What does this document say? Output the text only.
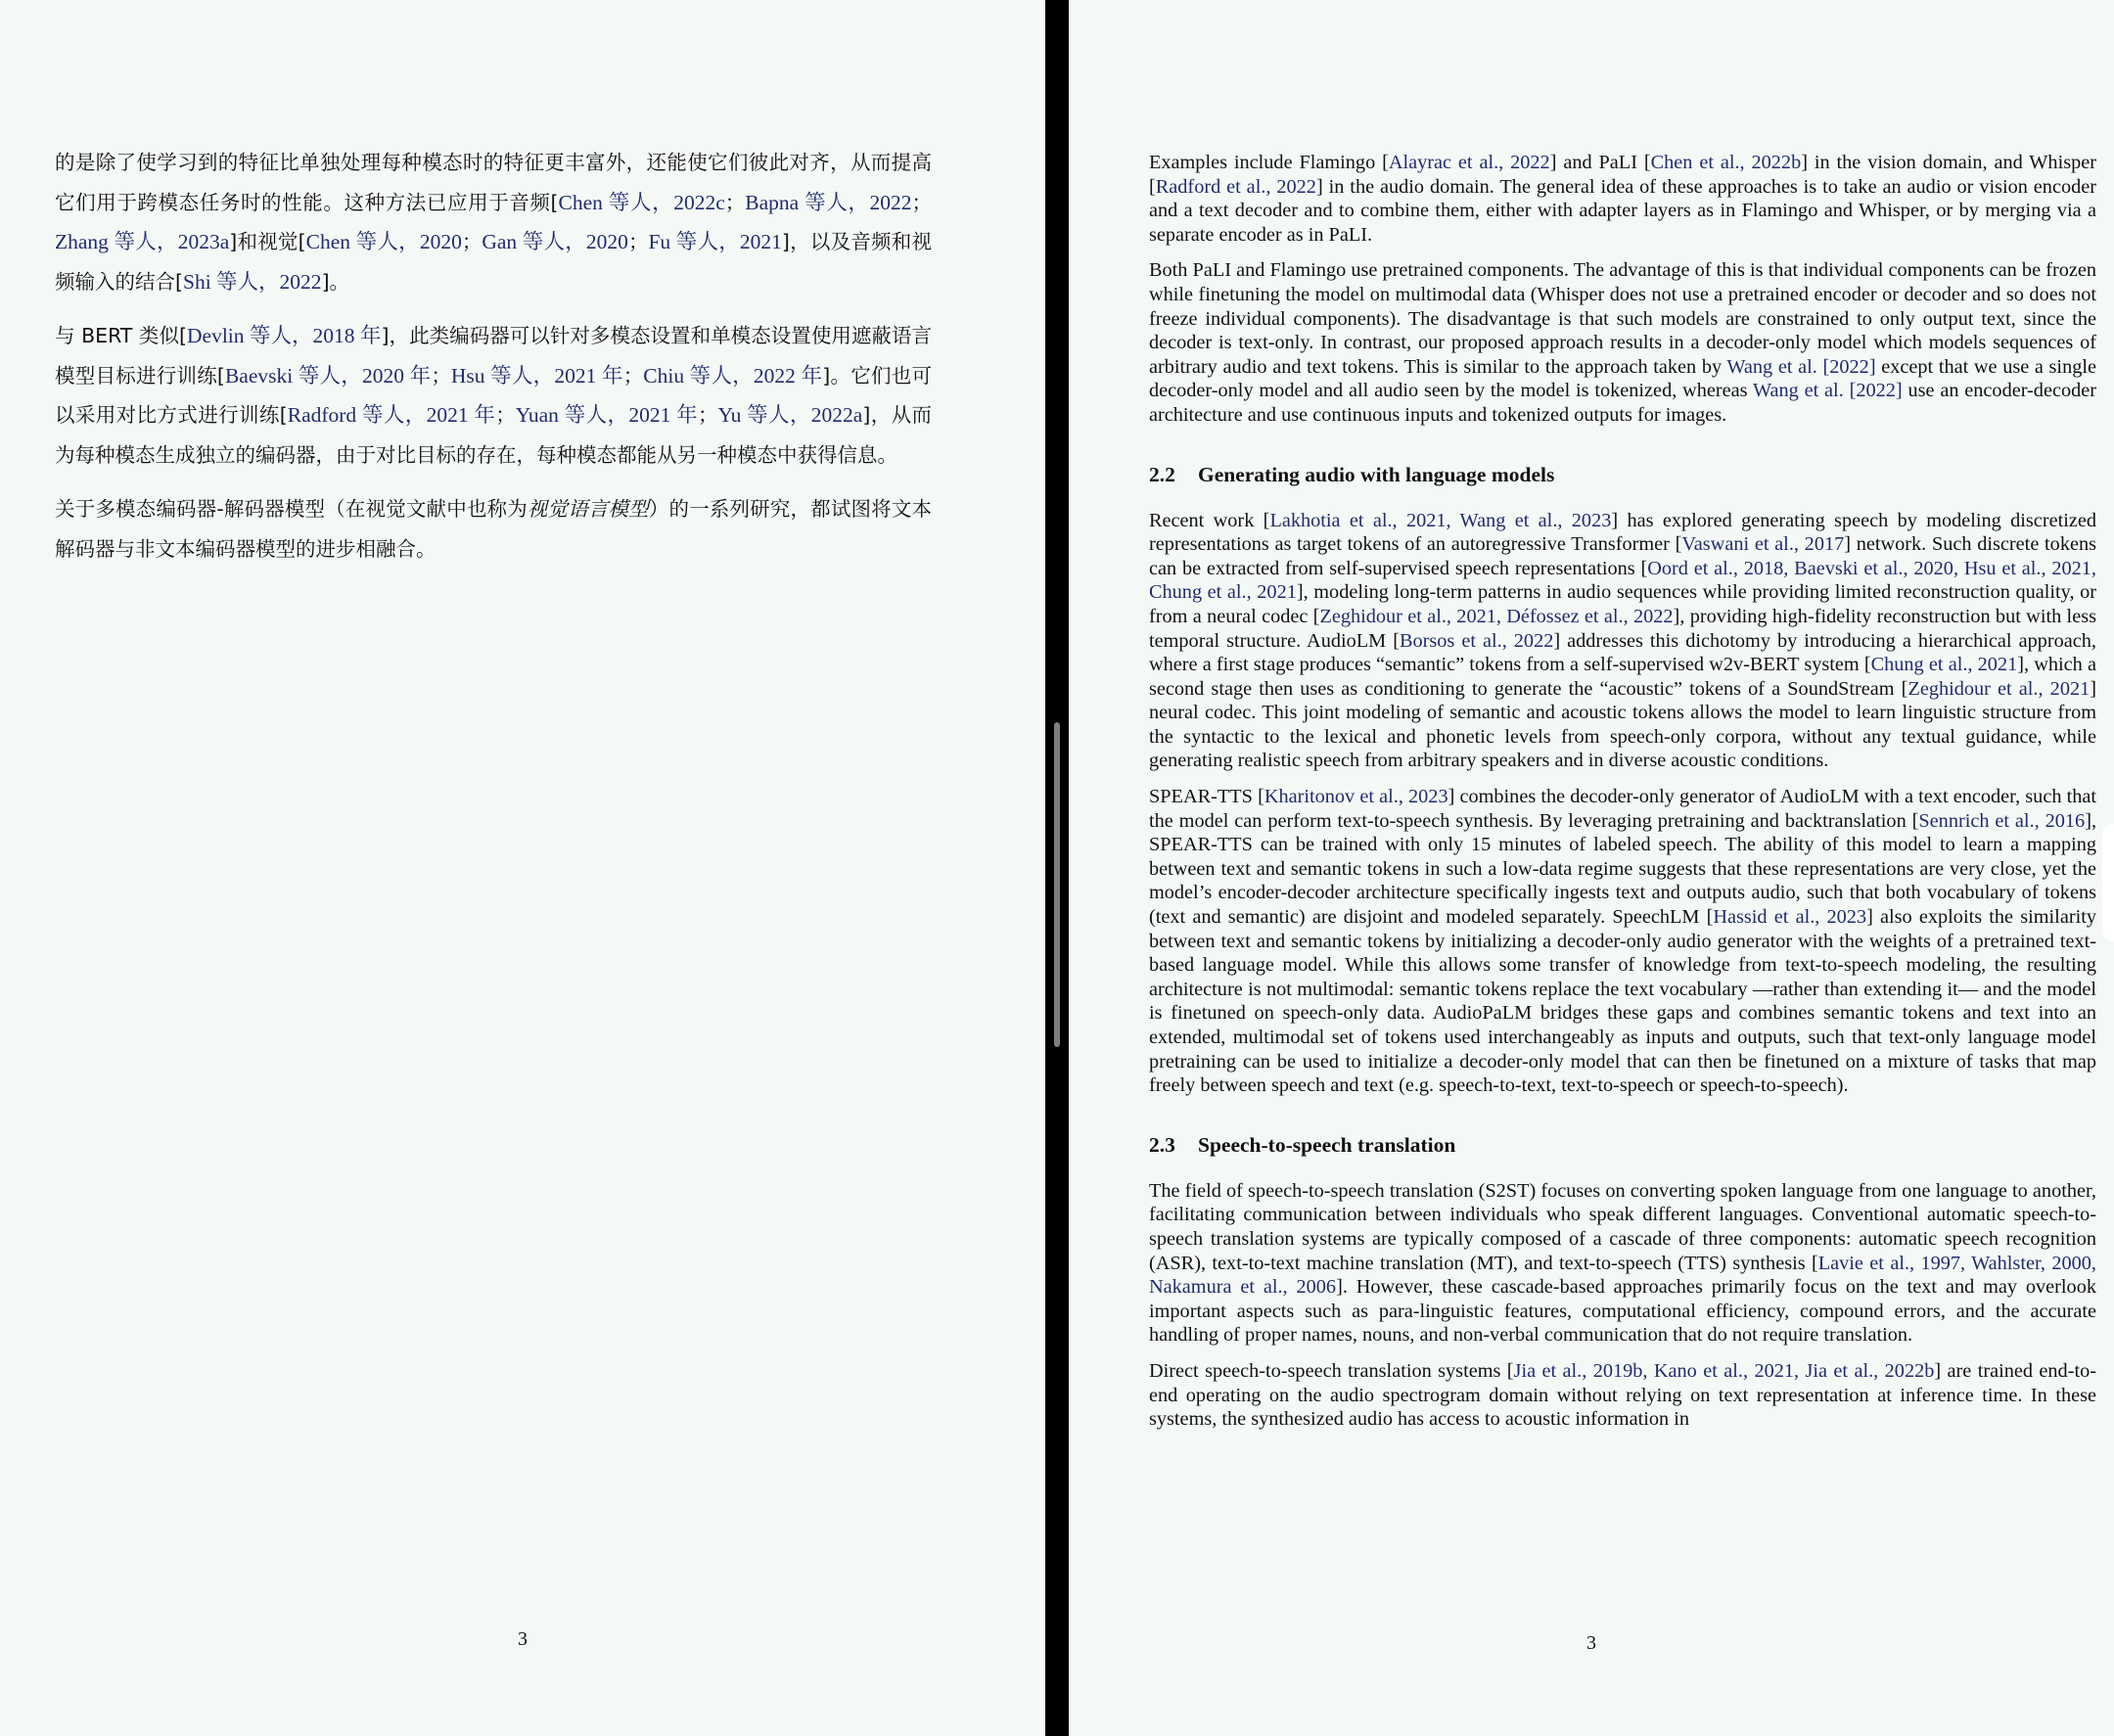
的是除了使学习到的特征比单独处理每种模态时的特征更丰富外，还能使它们彼此对齐，从而提高它们用于跨模态任务时的性能。这种方法已应用于音频[Chen 等人，2022c；Bapna 等人，2022；Zhang 等人，2023a]和视觉[Chen 等人，2020；Gan 等人，2020；Fu 等人，2021]，以及音频和视频输入的结合[Shi 等人，2022]。

与 BERT 类似[Devlin 等人，2018 年]，此类编码器可以针对多模态设置和单模态设置使用遮蔽语言模型目标进行训练[Baevski 等人，2020 年；Hsu 等人，2021 年；Chiu 等人，2022 年]。它们也可以采用对比方式进行训练[Radford 等人，2021 年；Yuan 等人，2021 年；Yu 等人，2022a]，从而为每种模态生成独立的编码器，由于对比目标的存在，每种模态都能从另一种模态中获得信息。

关于多模态编码器-解码器模型（在视觉文献中也称为视觉语言模型）的一系列研究，都试图将文本解码器与非文本编码器模型的进步相融合。

3

Examples include Flamingo [Alayrac et al., 2022] and PaLI [Chen et al., 2022b] in the vision domain, and Whisper [Radford et al., 2022] in the audio domain. The general idea of these approaches is to take an audio or vision encoder and a text decoder and to combine them, either with adapter layers as in Flamingo and Whisper, or by merging via a separate encoder as in PaLI.

Both PaLI and Flamingo use pretrained components. The advantage of this is that individual components can be frozen while finetuning the model on multimodal data (Whisper does not use a pretrained encoder or decoder and so does not freeze individual components). The disadvantage is that such models are constrained to only output text, since the decoder is text-only. In contrast, our proposed approach results in a decoder-only model which models sequences of arbitrary audio and text tokens. This is similar to the approach taken by Wang et al. [2022] except that we use a single decoder-only model and all audio seen by the model is tokenized, whereas Wang et al. [2022] use an encoder-decoder architecture and use continuous inputs and tokenized outputs for images.

2.2 Generating audio with language models

Recent work [Lakhotia et al., 2021, Wang et al., 2023] has explored generating speech by modeling discretized representations as target tokens of an autoregressive Transformer [Vaswani et al., 2017] network. Such discrete tokens can be extracted from self-supervised speech representations [Oord et al., 2018, Baevski et al., 2020, Hsu et al., 2021, Chung et al., 2021], modeling long-term patterns in audio sequences while providing limited reconstruction quality, or from a neural codec [Zeghidour et al., 2021, Défossez et al., 2022], providing high-fidelity reconstruction but with less temporal structure. AudioLM [Borsos et al., 2022] addresses this dichotomy by introducing a hierarchical approach, where a first stage produces “semantic” tokens from a self-supervised w2v-BERT system [Chung et al., 2021], which a second stage then uses as conditioning to generate the “acoustic” tokens of a SoundStream [Zeghidour et al., 2021] neural codec. This joint modeling of semantic and acoustic tokens allows the model to learn linguistic structure from the syntactic to the lexical and phonetic levels from speech-only corpora, without any textual guidance, while generating realistic speech from arbitrary speakers and in diverse acoustic conditions.

SPEAR-TTS [Kharitonov et al., 2023] combines the decoder-only generator of AudioLM with a text encoder, such that the model can perform text-to-speech synthesis. By leveraging pretraining and backtranslation [Sennrich et al., 2016], SPEAR-TTS can be trained with only 15 minutes of labeled speech. The ability of this model to learn a mapping between text and semantic tokens in such a low-data regime suggests that these representations are very close, yet the model’s encoder-decoder architecture specifically ingests text and outputs audio, such that both vocabulary of tokens (text and semantic) are disjoint and modeled separately. SpeechLM [Hassid et al., 2023] also exploits the similarity between text and semantic tokens by initializing a decoder-only audio generator with the weights of a pretrained text-based language model. While this allows some transfer of knowledge from text-to-speech modeling, the resulting architecture is not multimodal: semantic tokens replace the text vocabulary —rather than extending it— and the model is finetuned on speech-only data. AudioPaLM bridges these gaps and combines semantic tokens and text into an extended, multimodal set of tokens used interchangeably as inputs and outputs, such that text-only language model pretraining can be used to initialize a decoder-only model that can then be finetuned on a mixture of tasks that map freely between speech and text (e.g. speech-to-text, text-to-speech or speech-to-speech).

2.3 Speech-to-speech translation

The field of speech-to-speech translation (S2ST) focuses on converting spoken language from one language to another, facilitating communication between individuals who speak different languages. Conventional automatic speech-to-speech translation systems are typically composed of a cascade of three components: automatic speech recognition (ASR), text-to-text machine translation (MT), and text-to-speech (TTS) synthesis [Lavie et al., 1997, Wahlster, 2000, Nakamura et al., 2006]. However, these cascade-based approaches primarily focus on the text and may overlook important aspects such as para-linguistic features, computational efficiency, compound errors, and the accurate handling of proper names, nouns, and non-verbal communication that do not require translation.

Direct speech-to-speech translation systems [Jia et al., 2019b, Kano et al., 2021, Jia et al., 2022b] are trained end-to-end operating on the audio spectrogram domain without relying on text representation at inference time. In these systems, the synthesized audio has access to acoustic information in

3
